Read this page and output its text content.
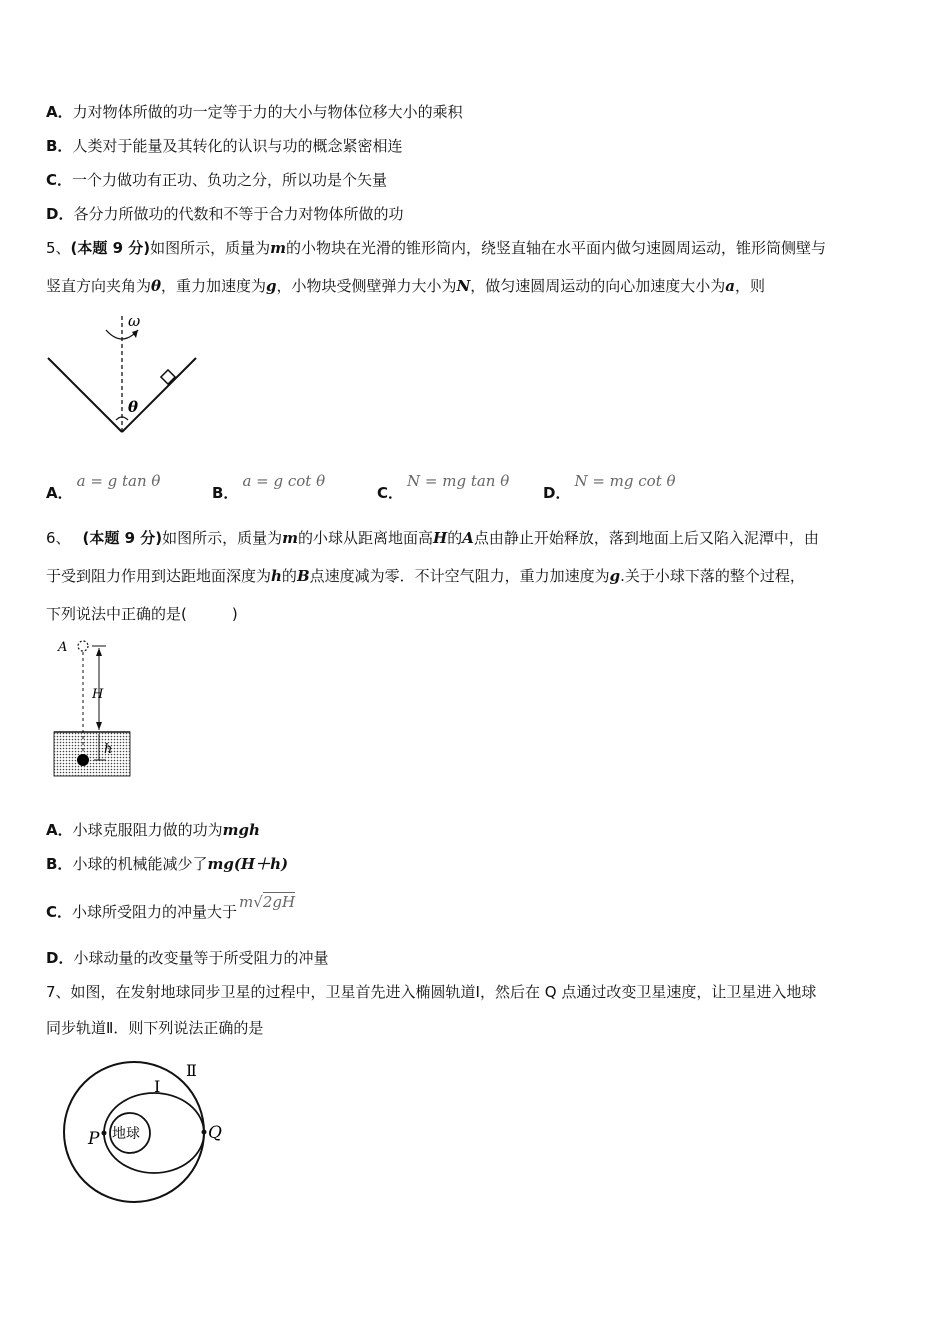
A．力对物体所做的功一定等于力的大小与物体位移大小的乘积
B．人类对于能量及其转化的认识与功的概念紧密相连
C．一个力做功有正功、负功之分，所以功是个矢量
D．各分力所做功的代数和不等于合力对物体所做的功
5、(本题 9 分)如图所示，质量为m的小物块在光滑的锥形筒内，绕竖直轴在水平面内做匀速圆周运动，锥形筒侧壁与
竖直方向夹角为θ，重力加速度为g，小物块受侧壁弹力大小为N，做匀速圆周运动的向心加速度大小为a，则
ω
θ
A．a = g tan θ
B．a = g cot θ
C．N = mg tan θ
D．N = mg cot θ
6、 (本题 9 分)如图所示，质量为m的小球从距离地面高H的A点由静止开始释放，落到地面上后又陷入泥潭中，由
于受到阻力作用到达距地面深度为h的B点速度减为零．不计空气阻力，重力加速度为g.关于小球下落的整个过程，
下列说法中正确的是(　　　)
A
H
h
A．小球克服阻力做的功为mgh
B．小球的机械能减少了mg(H＋h)
C．小球所受阻力的冲量大于m√2gH
D．小球动量的改变量等于所受阻力的冲量
7、如图，在发射地球同步卫星的过程中，卫星首先进入椭圆轨道Ⅰ，然后在 Q 点通过改变卫星速度，让卫星进入地球
同步轨道Ⅱ．则下列说法正确的是
Ⅰ
Ⅱ
P	Q
地球
